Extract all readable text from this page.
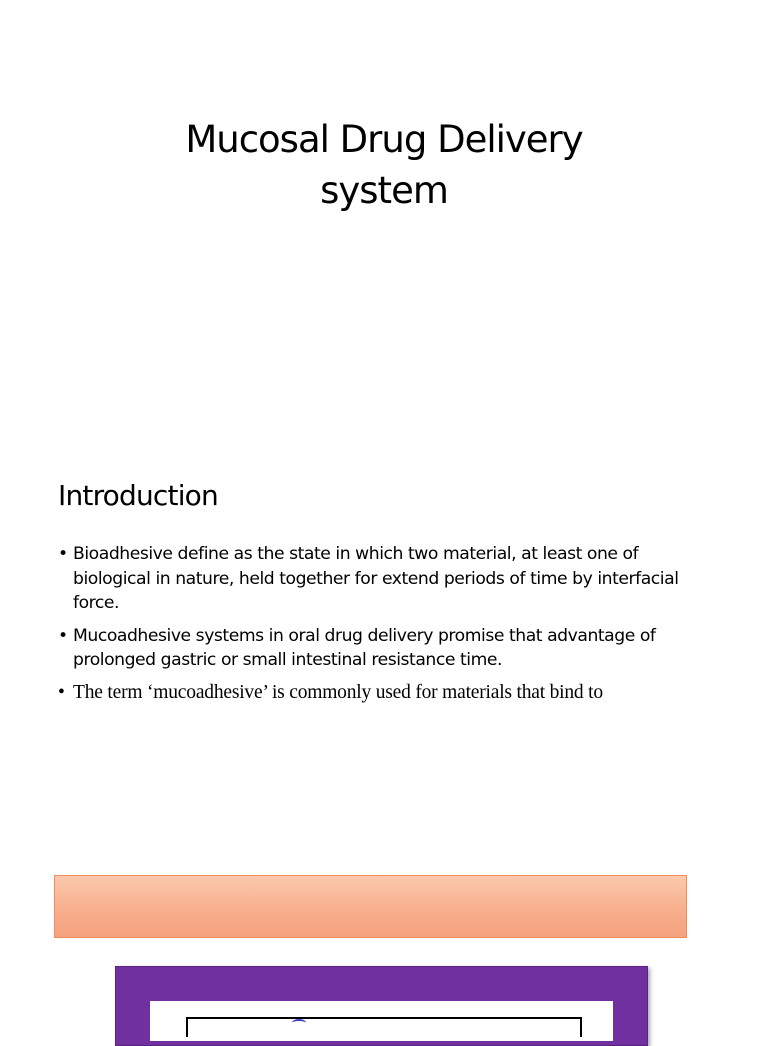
Mucosal Drug Delivery
system
Introduction
• Bioadhesive define as the state in which two material, at least one of biological in nature, held together for extend periods of time by interfacial force.
• Mucoadhesive systems in oral drug delivery promise that advantage of prolonged gastric or small intestinal resistance time.
• The term ‘mucoadhesive’ is commonly used for materials that bind to
